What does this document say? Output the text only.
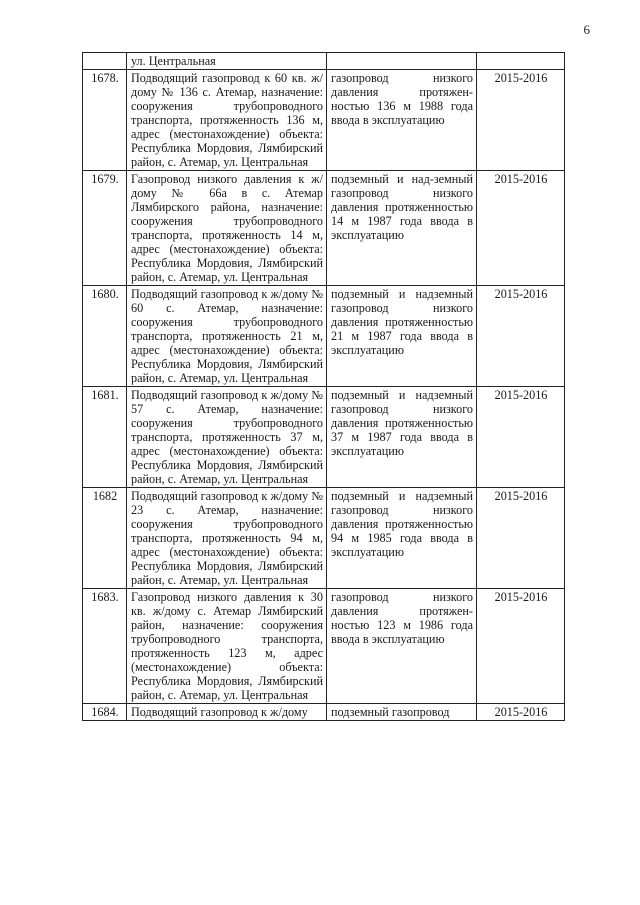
6
	ул. Центральная		
1678.	Подводящий газопровод к 60 кв. ж/дому № 136 с. Атемар, назначение: сооружения трубопроводного транспорта, протяженность 136 м, адрес (местонахождение) объекта: Республика Мордовия, Лямбирский район, с. Атемар, ул. Центральная	газопровод низкого давления протяжен-ностью 136 м 1988 года ввода в эксплуатацию	2015-2016
1679.	Газопровод низкого давления к ж/дому № 66а в с. Атемар Лямбирского района, назначение: сооружения трубопроводного транспорта, протяженность 14 м, адрес (местонахождение) объекта: Республика Мордовия, Лямбирский район, с. Атемар, ул. Центральная	подземный и над-земный газопровод низкого давления протяженностью 14 м 1987 года ввода в эксплуатацию	2015-2016
1680.	Подводящий газопровод к ж/дому № 60 с. Атемар, назначение: сооружения трубопроводного транспорта, протяженность 21 м, адрес (местонахождение) объекта: Республика Мордовия, Лямбирский район, с. Атемар, ул. Центральная	подземный и надземный газопровод низкого давления протяженностью 21 м 1987 года ввода в эксплуатацию	2015-2016
1681.	Подводящий газопровод к ж/дому № 57 с. Атемар, назначение: сооружения трубопроводного транспорта, протяженность 37 м, адрес (местонахождение) объекта: Республика Мордовия, Лямбирский район, с. Атемар, ул. Центральная	подземный и надземный газопровод низкого давления протяженностью 37 м 1987 года ввода в эксплуатацию	2015-2016
1682	Подводящий газопровод к ж/дому № 23 с. Атемар, назначение: сооружения трубопроводного транспорта, протяженность 94 м, адрес (местонахождение) объекта: Республика Мордовия, Лямбирский район, с. Атемар, ул. Центральная	подземный и надземный газопровод низкого давления протяженностью 94 м 1985 года ввода в эксплуатацию	2015-2016
1683.	Газопровод низкого давления к 30 кв. ж/дому с. Атемар Лямбирский район, назначение: сооружения трубопроводного транспорта, протяженность 123 м, адрес (местонахождение) объекта: Республика Мордовия, Лямбирский район, с. Атемар, ул. Центральная	газопровод низкого давления протяжен-ностью 123 м 1986 года ввода в эксплуатацию	2015-2016
1684.	Подводящий газопровод к ж/дому	подземный газопровод	2015-2016
